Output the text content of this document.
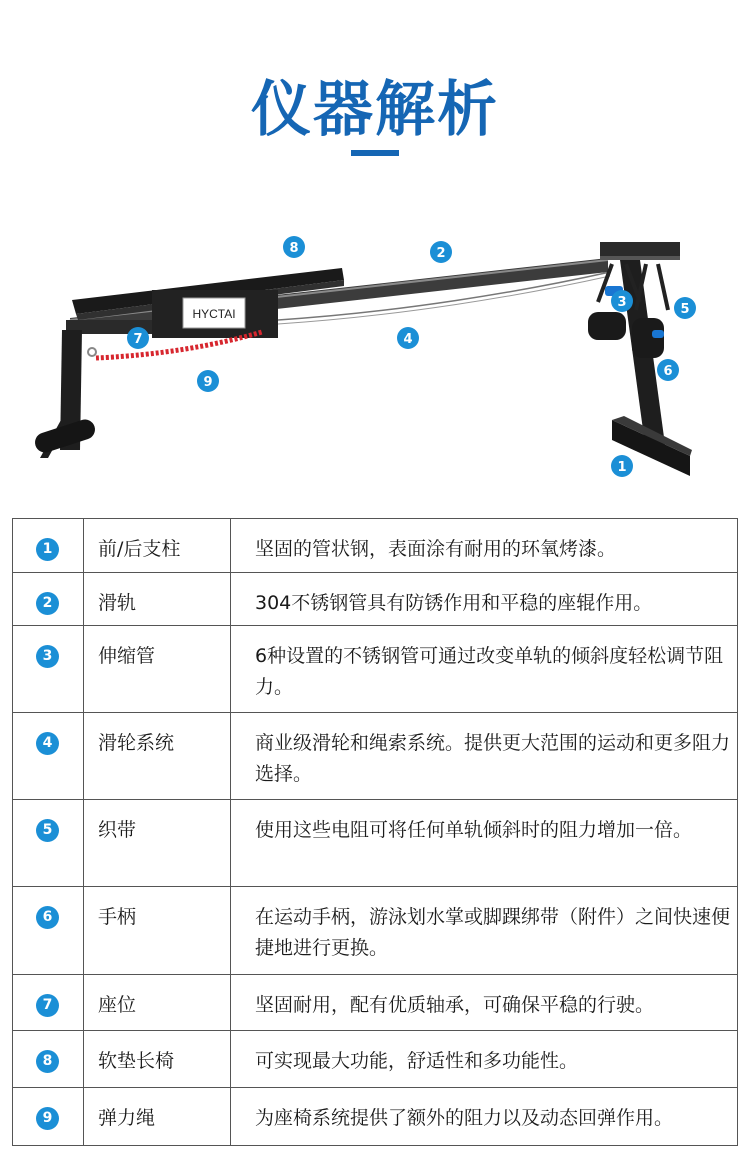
仪器解析
HYCTAI
8	2
3	5
7	4
9
6
1
1	前/后支柱	坚固的管状钢，表面涂有耐用的环氧烤漆。

2	滑轨	304不锈钢管具有防锈作用和平稳的座辊作用。

3	伸缩管	6种设置的不锈钢管可通过改变单轨的倾斜度轻松调节阻力。

4	滑轮系统	商业级滑轮和绳索系统。提供更大范围的运动和更多阻力选择。

5	织带	使用这些电阻可将任何单轨倾斜时的阻力增加一倍。

6	手柄	在运动手柄，游泳划水掌或脚踝绑带（附件）之间快速便捷地进行更换。

7	座位	坚固耐用，配有优质轴承，可确保平稳的行驶。

8	软垫长椅	可实现最大功能，舒适性和多功能性。

9	弹力绳	为座椅系统提供了额外的阻力以及动态回弹作用。
